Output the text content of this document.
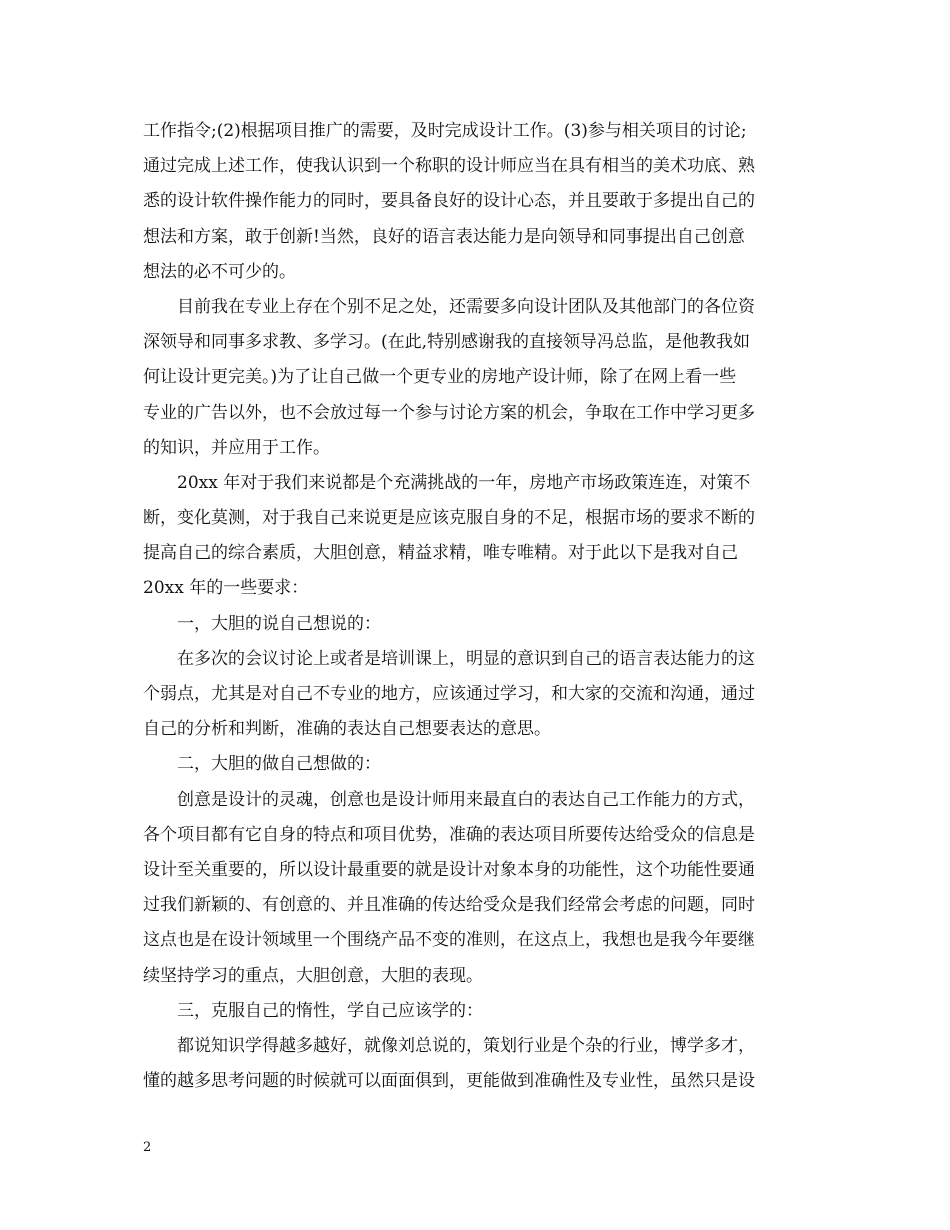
工作指令;(2)根据项目推广的需要，及时完成设计工作。(3)参与相关项目的讨论;
通过完成上述工作，使我认识到一个称职的设计师应当在具有相当的美术功底、熟
悉的设计软件操作能力的同时，要具备良好的设计心态，并且要敢于多提出自己的
想法和方案，敢于创新!当然，良好的语言表达能力是向领导和同事提出自己创意
想法的必不可少的。
目前我在专业上存在个别不足之处，还需要多向设计团队及其他部门的各位资
深领导和同事多求教、多学习。(在此,特别感谢我的直接领导冯总监，是他教我如
何让设计更完美。)为了让自己做一个更专业的房地产设计师，除了在网上看一些
专业的广告以外，也不会放过每一个参与讨论方案的机会，争取在工作中学习更多
的知识，并应用于工作。
20xx 年对于我们来说都是个充满挑战的一年，房地产市场政策连连，对策不
断，变化莫测，对于我自己来说更是应该克服自身的不足，根据市场的要求不断的
提高自己的综合素质，大胆创意，精益求精，唯专唯精。对于此以下是我对自己
20xx 年的一些要求：
一，大胆的说自己想说的：
在多次的会议讨论上或者是培训课上，明显的意识到自己的语言表达能力的这
个弱点，尤其是对自己不专业的地方，应该通过学习，和大家的交流和沟通，通过
自己的分析和判断，准确的表达自己想要表达的意思。
二，大胆的做自己想做的：
创意是设计的灵魂，创意也是设计师用来最直白的表达自己工作能力的方式，
各个项目都有它自身的特点和项目优势，准确的表达项目所要传达给受众的信息是
设计至关重要的，所以设计最重要的就是设计对象本身的功能性，这个功能性要通
过我们新颖的、有创意的、并且准确的传达给受众是我们经常会考虑的问题，同时
这点也是在设计领域里一个围绕产品不变的准则，在这点上，我想也是我今年要继
续坚持学习的重点，大胆创意，大胆的表现。
三，克服自己的惰性，学自己应该学的：
都说知识学得越多越好，就像刘总说的，策划行业是个杂的行业，博学多才，
懂的越多思考问题的时候就可以面面俱到，更能做到准确性及专业性，虽然只是设
2
